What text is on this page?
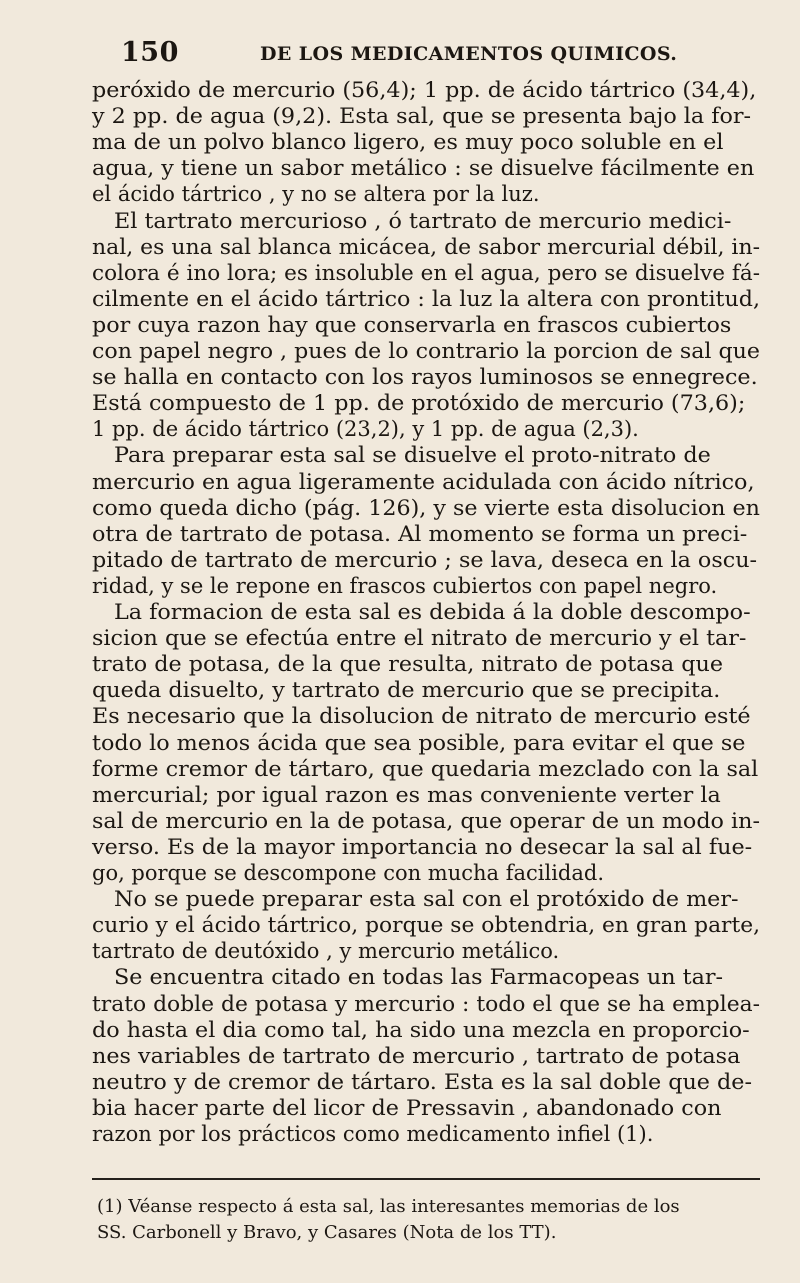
150	DE LOS MEDICAMENTOS QUIMICOS.
peróxido de mercurio (56,4); 1 pp. de ácido tártrico (34,4),
y 2 pp. de agua (9,2). Esta sal, que se presenta bajo la for-
ma de un polvo blanco ligero, es muy poco soluble en el
agua, y tiene un sabor metálico : se disuelve fácilmente en
el ácido tártrico , y no se altera por la luz.
El tartrato mercurioso , ó tartrato de mercurio medici-
nal, es una sal blanca micácea, de sabor mercurial débil, in-
colora é ino lora; es insoluble en el agua, pero se disuelve fá-
cilmente en el ácido tártrico : la luz la altera con prontitud,
por cuya razon hay que conservarla en frascos cubiertos
con papel negro , pues de lo contrario la porcion de sal que
se halla en contacto con los rayos luminosos se ennegrece.
Está compuesto de 1 pp. de protóxido de mercurio (73,6);
1 pp. de ácido tártrico (23,2), y 1 pp. de agua (2,3).
Para preparar esta sal se disuelve el proto-nitrato de
mercurio en agua ligeramente acidulada con ácido nítrico,
como queda dicho (pág. 126), y se vierte esta disolucion en
otra de tartrato de potasa. Al momento se forma un preci-
pitado de tartrato de mercurio ; se lava, deseca en la oscu-
ridad, y se le repone en frascos cubiertos con papel negro.
La formacion de esta sal es debida á la doble descompo-
sicion que se efectúa entre el nitrato de mercurio y el tar-
trato de potasa, de la que resulta, nitrato de potasa que
queda disuelto, y tartrato de mercurio que se precipita.
Es necesario que la disolucion de nitrato de mercurio esté
todo lo menos ácida que sea posible, para evitar el que se
forme cremor de tártaro, que quedaria mezclado con la sal
mercurial; por igual razon es mas conveniente verter la
sal de mercurio en la de potasa, que operar de un modo in-
verso. Es de la mayor importancia no desecar la sal al fue-
go, porque se descompone con mucha facilidad.
No se puede preparar esta sal con el protóxido de mer-
curio y el ácido tártrico, porque se obtendria, en gran parte,
tartrato de deutóxido , y mercurio metálico.
Se encuentra citado en todas las Farmacopeas un tar-
trato doble de potasa y mercurio : todo el que se ha emplea-
do hasta el dia como tal, ha sido una mezcla en proporcio-
nes variables de tartrato de mercurio , tartrato de potasa
neutro y de cremor de tártaro. Esta es la sal doble que de-
bia hacer parte del licor de Pressavin , abandonado con
razon por los prácticos como medicamento infiel (1).
(1) Véanse respecto á esta sal, las interesantes memorias de los
SS. Carbonell y Bravo, y Casares (Nota de los TT).
